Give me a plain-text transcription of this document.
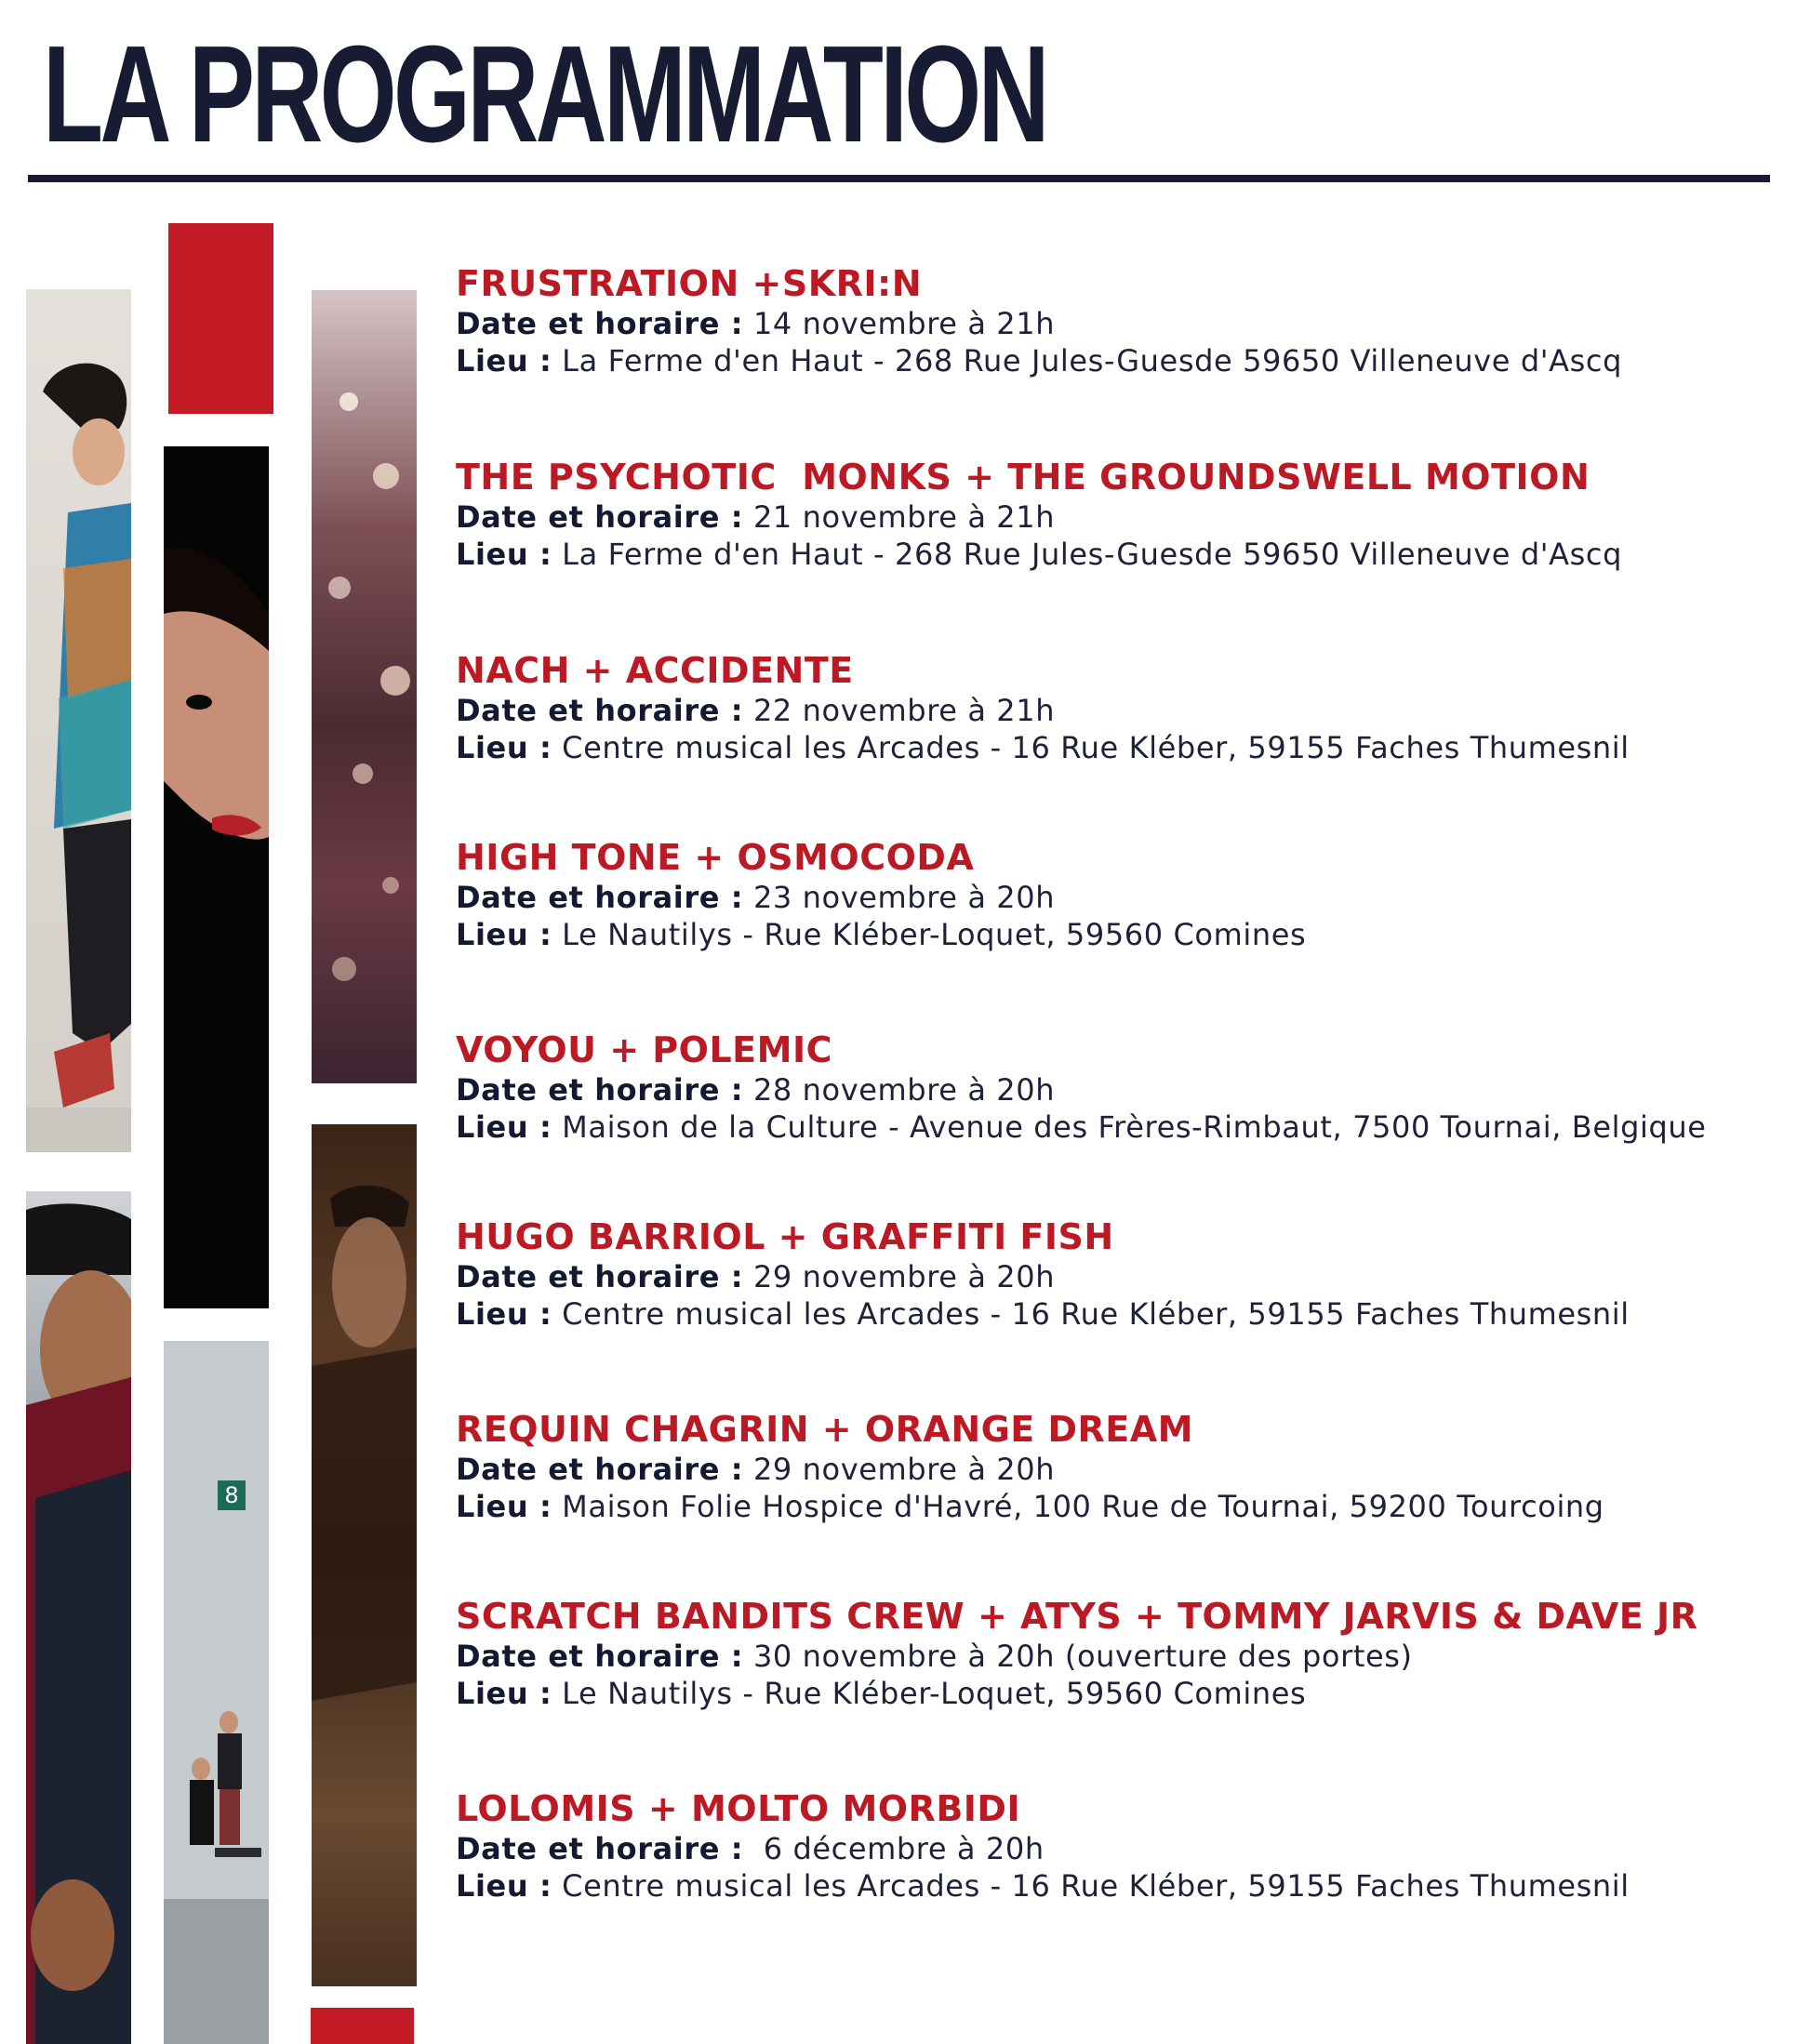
LA PROGRAMMATION
8
FRUSTRATION +SKRI:N
Date et horaire : 14 novembre à 21h
Lieu : La Ferme d'en Haut - 268 Rue Jules-Guesde 59650 Villeneuve d'Ascq
THE PSYCHOTIC  MONKS + THE GROUNDSWELL MOTION
Date et horaire : 21 novembre à 21h
Lieu : La Ferme d'en Haut - 268 Rue Jules-Guesde 59650 Villeneuve d'Ascq
NACH + ACCIDENTE
Date et horaire : 22 novembre à 21h
Lieu : Centre musical les Arcades - 16 Rue Kléber, 59155 Faches Thumesnil
HIGH TONE + OSMOCODA
Date et horaire : 23 novembre à 20h
Lieu : Le Nautilys - Rue Kléber-Loquet, 59560 Comines
VOYOU + POLEMIC
Date et horaire : 28 novembre à 20h
Lieu : Maison de la Culture - Avenue des Frères-Rimbaut, 7500 Tournai, Belgique
HUGO BARRIOL + GRAFFITI FISH
Date et horaire : 29 novembre à 20h
Lieu : Centre musical les Arcades - 16 Rue Kléber, 59155 Faches Thumesnil
REQUIN CHAGRIN + ORANGE DREAM
Date et horaire : 29 novembre à 20h
Lieu : Maison Folie Hospice d'Havré, 100 Rue de Tournai, 59200 Tourcoing
SCRATCH BANDITS CREW + ATYS + TOMMY JARVIS & DAVE JR
Date et horaire : 30 novembre à 20h (ouverture des portes)
Lieu : Le Nautilys - Rue Kléber-Loquet, 59560 Comines
LOLOMIS + MOLTO MORBIDI
Date et horaire :  6 décembre à 20h
Lieu : Centre musical les Arcades - 16 Rue Kléber, 59155 Faches Thumesnil
